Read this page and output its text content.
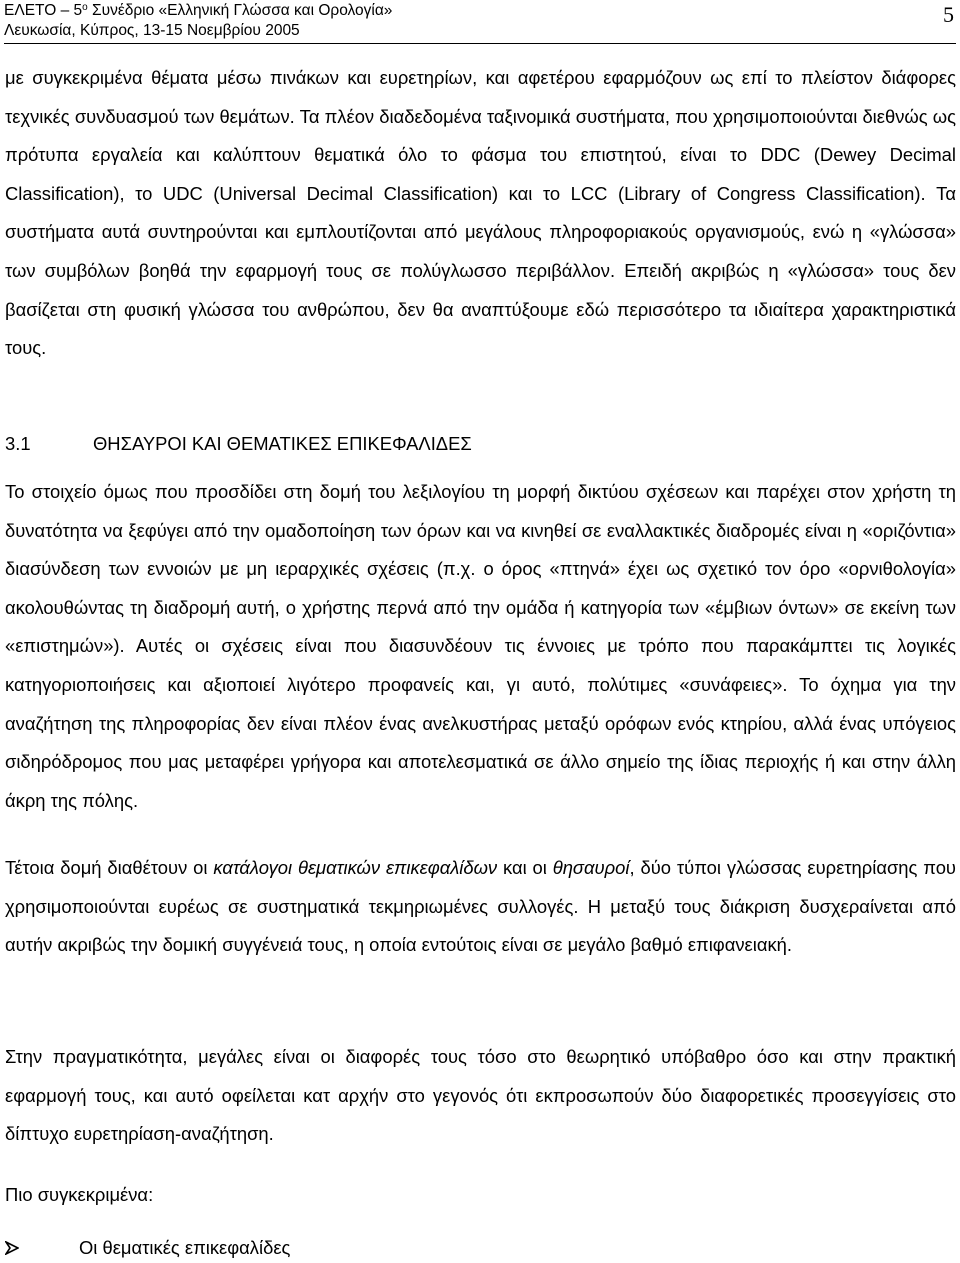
ΕΛΕΤΟ – $5^o$ Συνέδριο «Ελληνική Γλώσσα και Ορολογία»
Λευκωσία, Κύπρος, 13-15 Νοεμβρίου 2005
5

με συγκεκριμένα θέματα μέσω πινάκων και ευρετηρίων, και αφετέρου εφαρμόζουν ως επί το πλείστον διάφορες τεχνικές συνδυασμού των θεμάτων. Τα πλέον διαδεδομένα ταξινομικά συστήματα, που χρησιμοποιούνται διεθνώς ως πρότυπα εργαλεία και καλύπτουν θεματικά όλο το φάσμα του επιστητού, είναι το DDC (Dewey Decimal Classification), το UDC (Universal Decimal Classification) και το LCC (Library of Congress Classification). Τα συστήματα αυτά συντηρούνται και εμπλουτίζονται από μεγάλους πληροφοριακούς οργανισμούς, ενώ η «γλώσσα» των συμβόλων βοηθά την εφαρμογή τους σε πολύγλωσσο περιβάλλον. Επειδή ακριβώς η «γλώσσα» τους δεν βασίζεται στη φυσική γλώσσα του ανθρώπου, δεν θα αναπτύξουμε εδώ περισσότερο τα ιδιαίτερα χαρακτηριστικά τους.

3.1	ΘΗΣΑΥΡΟΙ ΚΑΙ ΘΕΜΑΤΙΚΕΣ ΕΠΙΚΕΦΑΛΙΔΕΣ

Το στοιχείο όμως που προσδίδει στη δομή του λεξιλογίου τη μορφή δικτύου σχέσεων και παρέχει στον χρήστη τη δυνατότητα να ξεφύγει από την ομαδοποίηση των όρων και να κινηθεί σε εναλλακτικές διαδρομές είναι η «οριζόντια» διασύνδεση των εννοιών με μη ιεραρχικές σχέσεις (π.χ. ο όρος «πτηνά» έχει ως σχετικό τον όρο «ορνιθολογία» ακολουθώντας τη διαδρομή αυτή, ο χρήστης περνά από την ομάδα ή κατηγορία των «έμβιων όντων» σε εκείνη των «επιστημών»). Αυτές οι σχέσεις είναι που διασυνδέουν τις έννοιες με τρόπο που παρακάμπτει τις λογικές κατηγοριοποιήσεις και αξιοποιεί λιγότερο προφανείς και, γι αυτό, πολύτιμες «συνάφειες». Το όχημα για την αναζήτηση της πληροφορίας δεν είναι πλέον ένας ανελκυστήρας μεταξύ ορόφων ενός κτηρίου, αλλά ένας υπόγειος σιδηρόδρομος που μας μεταφέρει γρήγορα και αποτελεσματικά σε άλλο σημείο της ίδιας περιοχής ή και στην άλλη άκρη της πόλης.

Τέτοια δομή διαθέτουν οι κατάλογοι θεματικών επικεφαλίδων και οι θησαυροί, δύο τύποι γλώσσας ευρετηρίασης που χρησιμοποιούνται ευρέως σε συστηματικά τεκμηριωμένες συλλογές. Η μεταξύ τους διάκριση δυσχεραίνεται από αυτήν ακριβώς την δομική συγγένειά τους, η οποία εντούτοις είναι σε μεγάλο βαθμό επιφανειακή.

Στην πραγματικότητα, μεγάλες είναι οι διαφορές τους τόσο στο θεωρητικό υπόβαθρο όσο και στην πρακτική εφαρμογή τους, και αυτό οφείλεται κατ αρχήν στο γεγονός ότι εκπροσωπούν δύο διαφορετικές προσεγγίσεις στο δίπτυχο ευρετηρίαση-αναζήτηση.

Πιο συγκεκριμένα:

Οι θεματικές επικεφαλίδες
